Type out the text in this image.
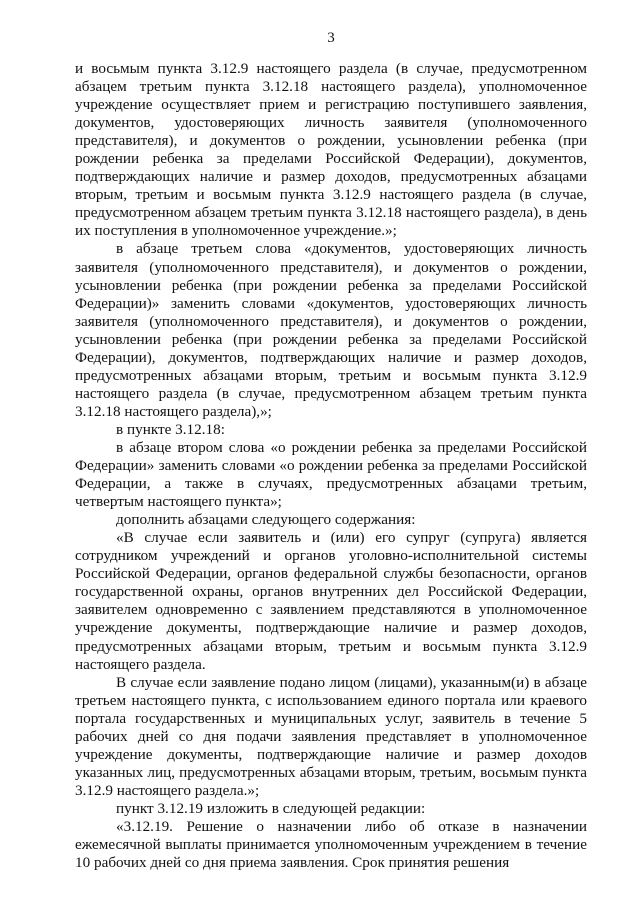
3

и восьмым пункта 3.12.9 настоящего раздела (в случае, предусмотренном абзацем третьим пункта 3.12.18 настоящего раздела), уполномоченное учреждение осуществляет прием и регистрацию поступившего заявления, документов, удостоверяющих личность заявителя (уполномоченного представителя), и документов о рождении, усыновлении ребенка (при рождении ребенка за пределами Российской Федерации), документов, подтверждающих наличие и размер доходов, предусмотренных абзацами вторым, третьим и восьмым пункта 3.12.9 настоящего раздела (в случае, предусмотренном абзацем третьим пункта 3.12.18 настоящего раздела), в день их поступления в уполномоченное учреждение.»;

в абзаце третьем слова «документов, удостоверяющих личность заявителя (уполномоченного представителя), и документов о рождении, усыновлении ребенка (при рождении ребенка за пределами Российской Федерации)» заменить словами «документов, удостоверяющих личность заявителя (уполномоченного представителя), и документов о рождении, усыновлении ребенка (при рождении ребенка за пределами Российской Федерации), документов, подтверждающих наличие и размер доходов, предусмотренных абзацами вторым, третьим и восьмым пункта 3.12.9 настоящего раздела (в случае, предусмотренном абзацем третьим пункта 3.12.18 настоящего раздела),»;

в пункте 3.12.18:

в абзаце втором слова «о рождении ребенка за пределами Российской Федерации» заменить словами «о рождении ребенка за пределами Российской Федерации, а также в случаях, предусмотренных абзацами третьим, четвертым настоящего пункта»;

дополнить абзацами следующего содержания:

«В случае если заявитель и (или) его супруг (супруга) является сотрудником учреждений и органов уголовно-исполнительной системы Российской Федерации, органов федеральной службы безопасности, органов государственной охраны, органов внутренних дел Российской Федерации, заявителем одновременно с заявлением представляются в уполномоченное учреждение документы, подтверждающие наличие и размер доходов, предусмотренных абзацами вторым, третьим и восьмым пункта 3.12.9 настоящего раздела.

В случае если заявление подано лицом (лицами), указанным(и) в абзаце третьем настоящего пункта, с использованием единого портала или краевого портала государственных и муниципальных услуг, заявитель в течение 5 рабочих дней со дня подачи заявления представляет в уполномоченное учреждение документы, подтверждающие наличие и размер доходов указанных лиц, предусмотренных абзацами вторым, третьим, восьмым пункта 3.12.9 настоящего раздела.»;

пункт 3.12.19 изложить в следующей редакции:

«3.12.19. Решение о назначении либо об отказе в назначении ежемесячной выплаты принимается уполномоченным учреждением в течение 10 рабочих дней со дня приема заявления. Срок принятия решения
